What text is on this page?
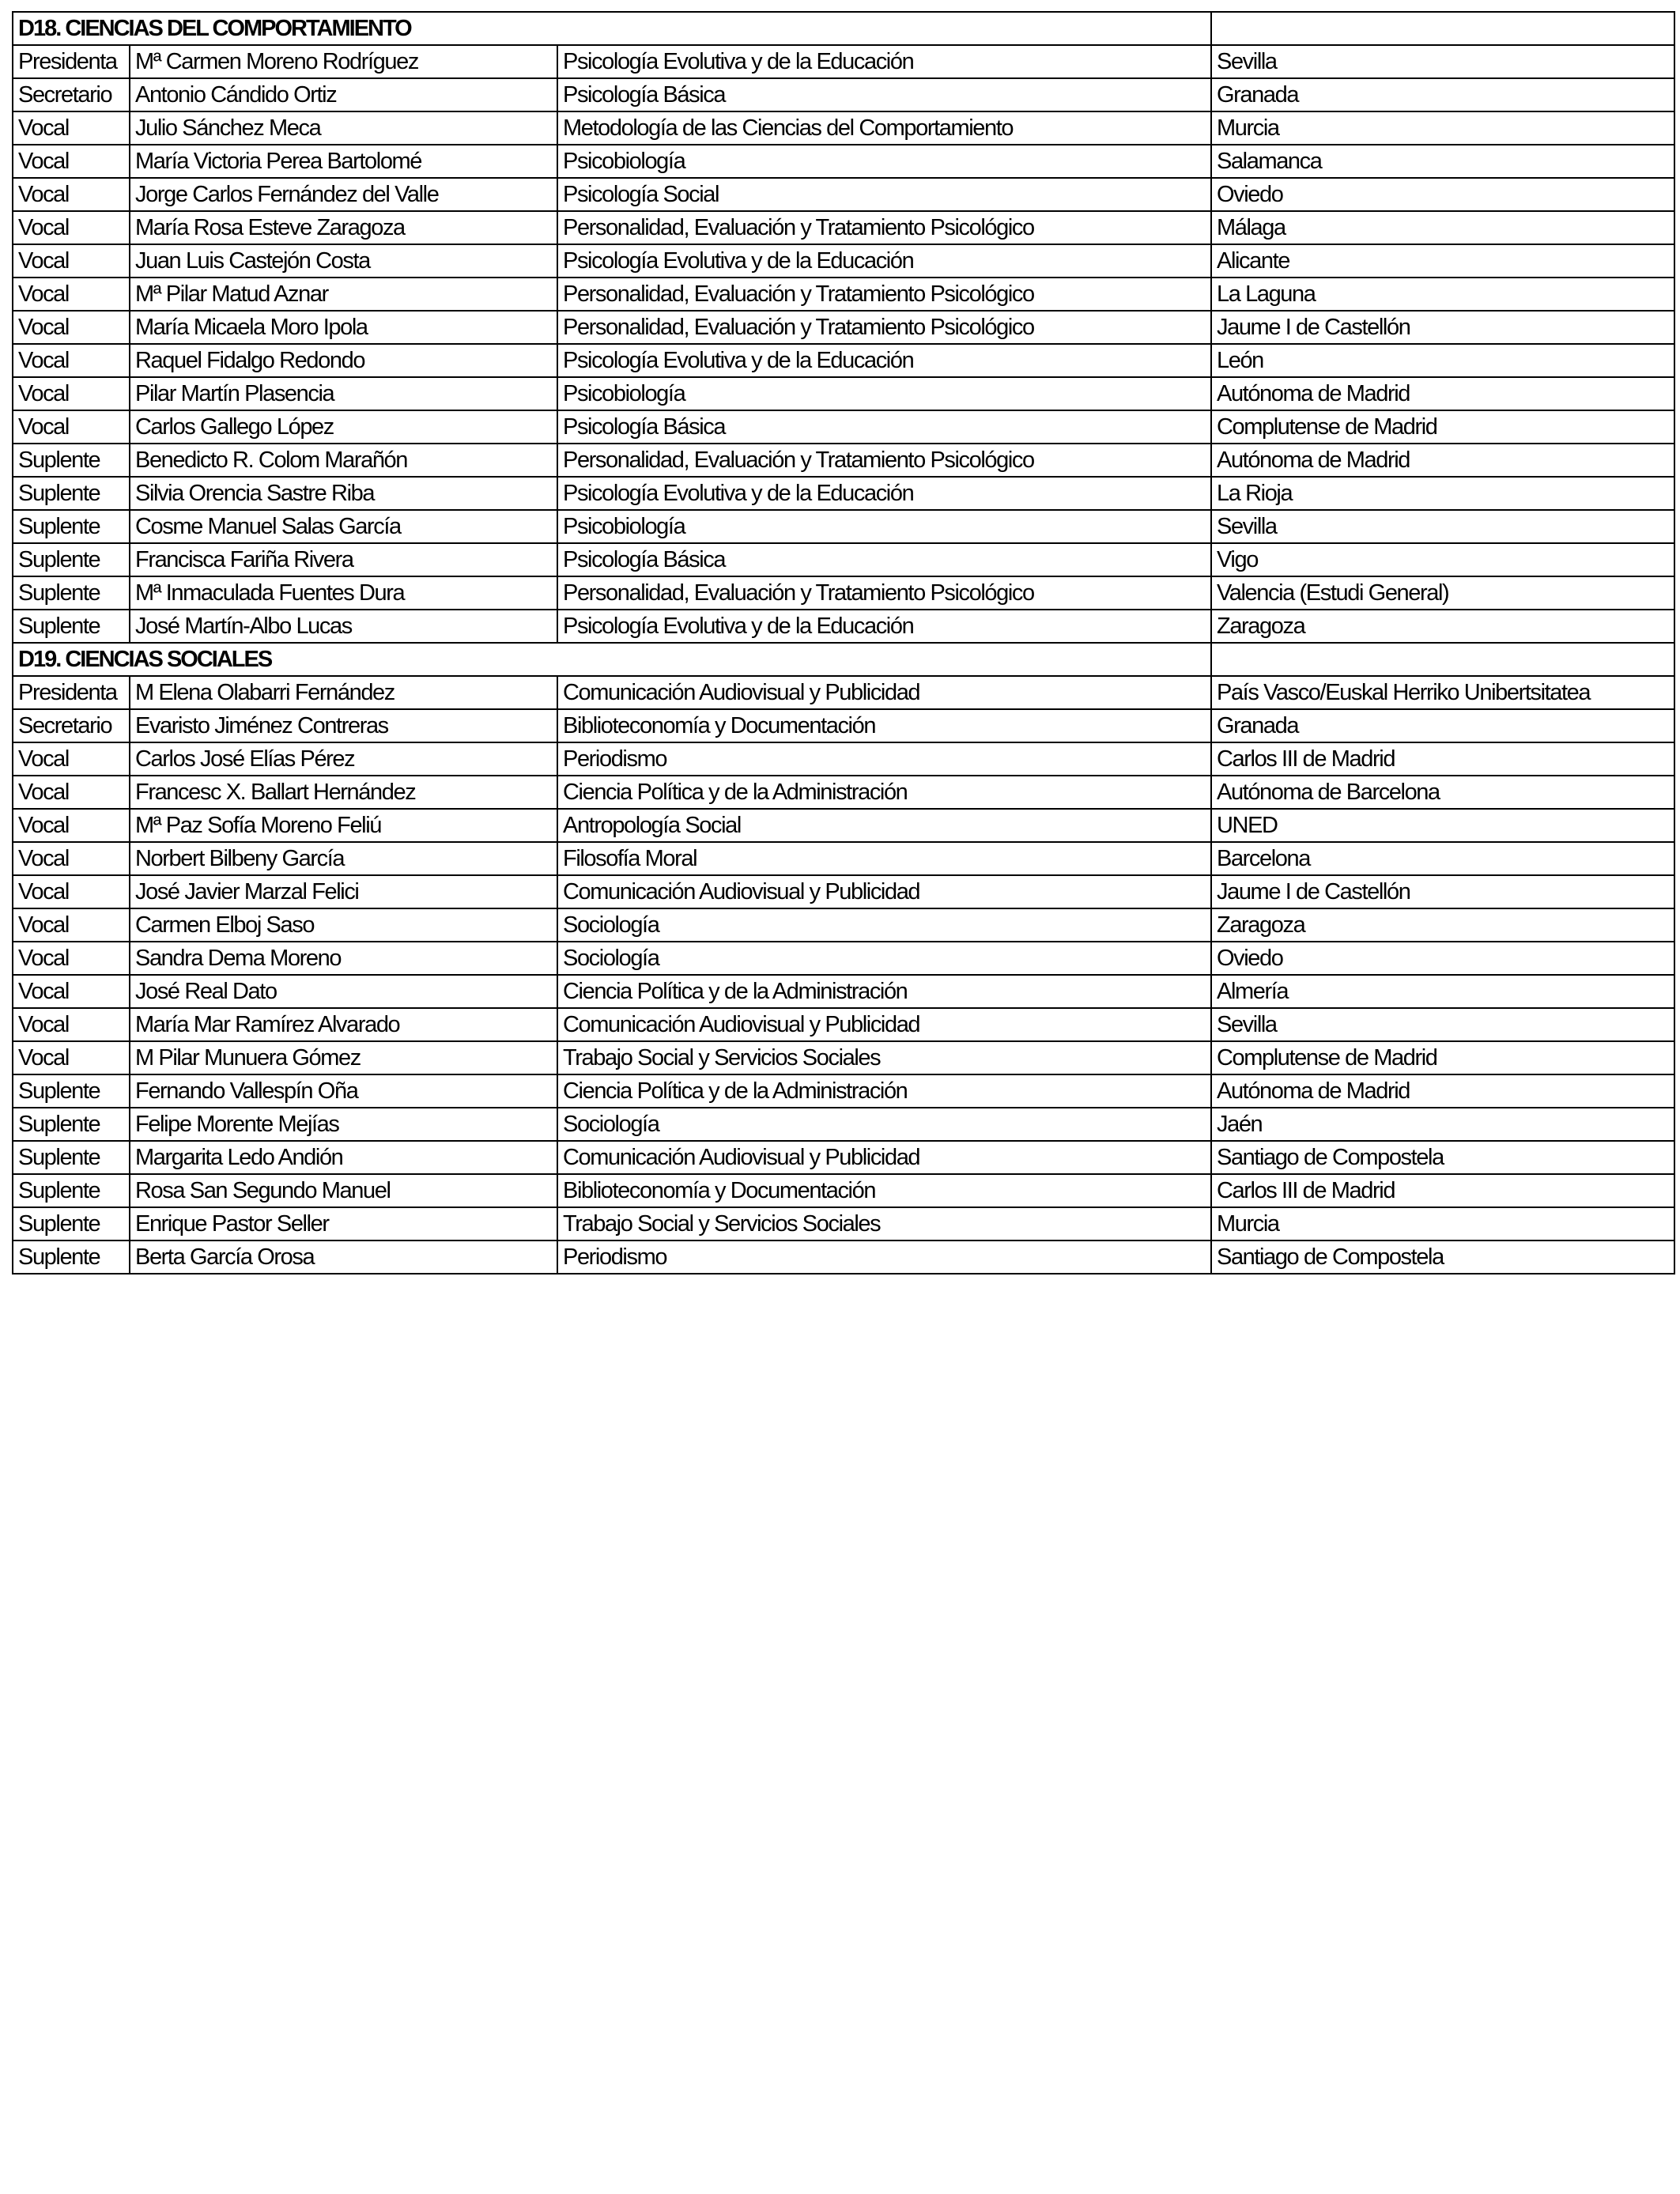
D18. CIENCIAS DEL COMPORTAMIENTO			
Presidenta	Mª Carmen Moreno Rodríguez	Psicología Evolutiva y de la Educación	Sevilla
Secretario	Antonio Cándido Ortiz	Psicología Básica	Granada
Vocal	Julio Sánchez Meca	Metodología de las Ciencias del Comportamiento	Murcia
Vocal	María Victoria Perea Bartolomé	Psicobiología	Salamanca
Vocal	Jorge Carlos Fernández del Valle	Psicología Social	Oviedo
Vocal	María Rosa Esteve Zaragoza	Personalidad, Evaluación y Tratamiento Psicológico	Málaga
Vocal	Juan Luis Castejón Costa	Psicología Evolutiva y de la Educación	Alicante
Vocal	Mª Pilar Matud Aznar	Personalidad, Evaluación y Tratamiento Psicológico	La Laguna
Vocal	María Micaela Moro Ipola	Personalidad, Evaluación y Tratamiento Psicológico	Jaume I de Castellón
Vocal	Raquel Fidalgo Redondo	Psicología Evolutiva y de la Educación	León
Vocal	Pilar Martín Plasencia	Psicobiología	Autónoma de Madrid
Vocal	Carlos Gallego López	Psicología Básica	Complutense de Madrid
Suplente	Benedicto R. Colom Marañón	Personalidad, Evaluación y Tratamiento Psicológico	Autónoma de Madrid
Suplente	Silvia Orencia Sastre Riba	Psicología Evolutiva y de la Educación	La Rioja
Suplente	Cosme Manuel Salas García	Psicobiología	Sevilla
Suplente	Francisca Fariña Rivera	Psicología Básica	Vigo
Suplente	Mª Inmaculada Fuentes Dura	Personalidad, Evaluación y Tratamiento Psicológico	Valencia (Estudi General)
Suplente	José Martín-Albo Lucas	Psicología Evolutiva y de la Educación	Zaragoza
D19. CIENCIAS SOCIALES			
Presidenta	M Elena Olabarri Fernández	Comunicación Audiovisual y Publicidad	País Vasco/Euskal Herriko Unibertsitatea
Secretario	Evaristo Jiménez Contreras	Biblioteconomía y Documentación	Granada
Vocal	Carlos José Elías Pérez	Periodismo	Carlos III de Madrid
Vocal	Francesc X. Ballart Hernández	Ciencia Política y de la Administración	Autónoma de Barcelona
Vocal	Mª Paz Sofía Moreno Feliú	Antropología Social	UNED
Vocal	Norbert Bilbeny García	Filosofía Moral	Barcelona
Vocal	José Javier Marzal Felici	Comunicación Audiovisual y Publicidad	Jaume I de Castellón
Vocal	Carmen Elboj Saso	Sociología	Zaragoza
Vocal	Sandra Dema Moreno	Sociología	Oviedo
Vocal	José Real Dato	Ciencia Política y de la Administración	Almería
Vocal	María Mar Ramírez Alvarado	Comunicación Audiovisual y Publicidad	Sevilla
Vocal	M Pilar Munuera Gómez	Trabajo Social y Servicios Sociales	Complutense de Madrid
Suplente	Fernando Vallespín Oña	Ciencia Política y de la Administración	Autónoma de Madrid
Suplente	Felipe Morente Mejías	Sociología	Jaén
Suplente	Margarita Ledo Andión	Comunicación Audiovisual y Publicidad	Santiago de Compostela
Suplente	Rosa San Segundo Manuel	Biblioteconomía y Documentación	Carlos III de Madrid
Suplente	Enrique Pastor Seller	Trabajo Social y Servicios Sociales	Murcia
Suplente	Berta García Orosa	Periodismo	Santiago de Compostela
